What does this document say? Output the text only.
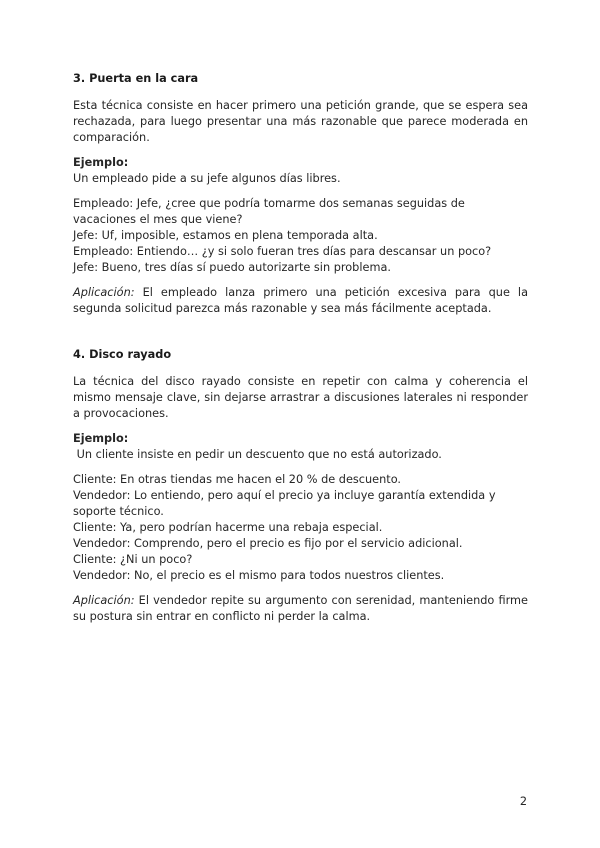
3. Puerta en la cara

Esta técnica consiste en hacer primero una petición grande, que se espera sea rechazada, para luego presentar una más razonable que parece moderada en comparación.

Ejemplo:

Un empleado pide a su jefe algunos días libres.

Empleado: Jefe, ¿cree que podría tomarme dos semanas seguidas de vacaciones el mes que viene?

Jefe: Uf, imposible, estamos en plena temporada alta.

Empleado: Entiendo… ¿y si solo fueran tres días para descansar un poco?

Jefe: Bueno, tres días sí puedo autorizarte sin problema.

Aplicación: El empleado lanza primero una petición excesiva para que la segunda solicitud parezca más razonable y sea más fácilmente aceptada.

4. Disco rayado

La técnica del disco rayado consiste en repetir con calma y coherencia el mismo mensaje clave, sin dejarse arrastrar a discusiones laterales ni responder a provocaciones.

Ejemplo:

Un cliente insiste en pedir un descuento que no está autorizado.

Cliente: En otras tiendas me hacen el 20 % de descuento.

Vendedor: Lo entiendo, pero aquí el precio ya incluye garantía extendida y soporte técnico.

Cliente: Ya, pero podrían hacerme una rebaja especial.

Vendedor: Comprendo, pero el precio es fijo por el servicio adicional.

Cliente: ¿Ni un poco?

Vendedor: No, el precio es el mismo para todos nuestros clientes.

Aplicación: El vendedor repite su argumento con serenidad, manteniendo firme su postura sin entrar en conflicto ni perder la calma.

2
